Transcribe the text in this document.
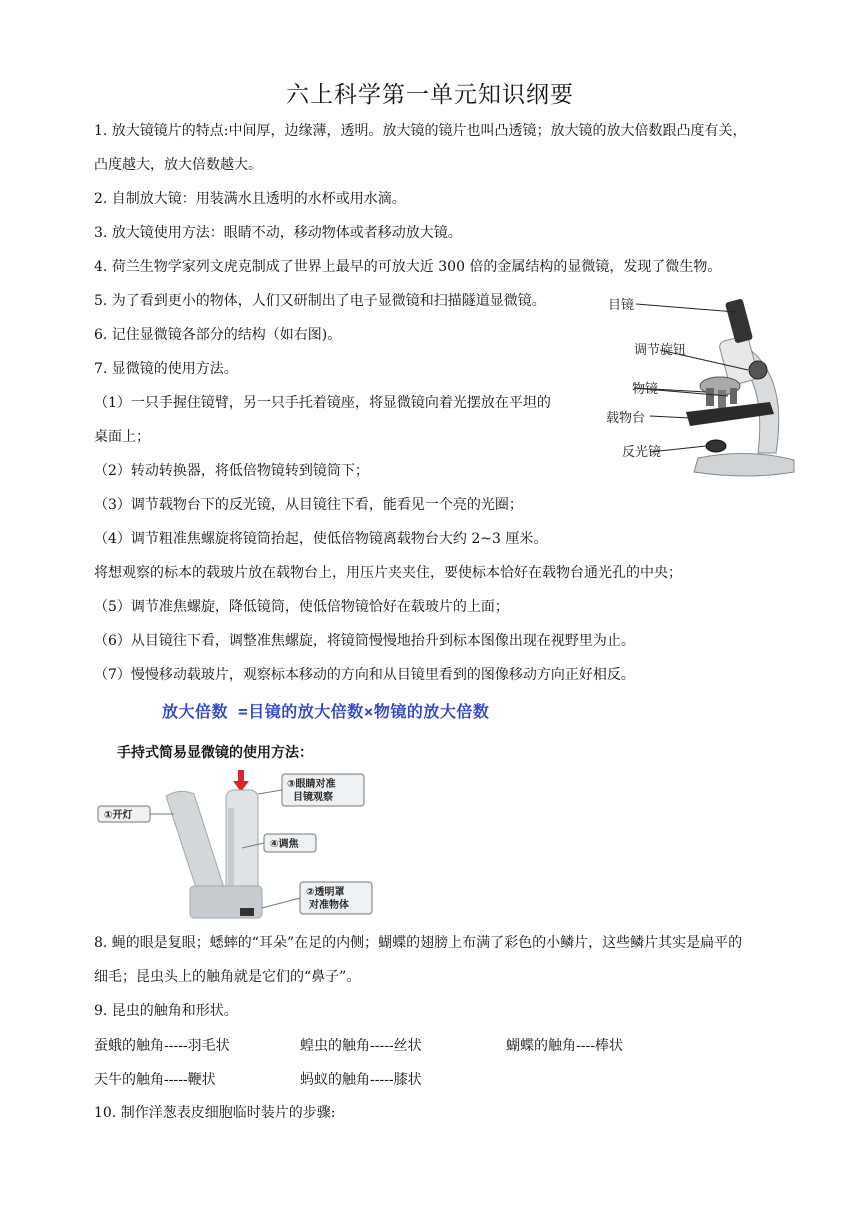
六上科学第一单元知识纲要
1. 放大镜镜片的特点:中间厚，边缘薄，透明。放大镜的镜片也叫凸透镜；放大镜的放大倍数跟凸度有关，
凸度越大，放大倍数越大。
2. 自制放大镜：用装满水且透明的水杯或用水滴。
3. 放大镜使用方法：眼睛不动，移动物体或者移动放大镜。
4. 荷兰生物学家列文虎克制成了世界上最早的可放大近 300 倍的金属结构的显微镜，发现了微生物。
5. 为了看到更小的物体，人们又研制出了电子显微镜和扫描隧道显微镜。
6. 记住显微镜各部分的结构（如右图)。
7. 显微镜的使用方法。
（1）一只手握住镜臂，另一只手托着镜座，将显微镜向着光摆放在平坦的
桌面上；
（2）转动转换器，将低倍物镜转到镜筒下；
（3）调节载物台下的反光镜，从目镜往下看，能看见一个亮的光圈；
（4）调节粗准焦螺旋将镜筒抬起，使低倍物镜离载物台大约 2~3 厘米。
将想观察的标本的载玻片放在载物台上，用压片夹夹住，要使标本恰好在载物台通光孔的中央；
（5）调节准焦螺旋，降低镜筒，使低倍物镜恰好在载玻片的上面；
（6）从目镜往下看，调整准焦螺旋，将镜筒慢慢地抬升到标本图像出现在视野里为止。
（7）慢慢移动载玻片，观察标本移动的方向和从目镜里看到的图像移动方向正好相反。
放大倍数 =目镜的放大倍数×物镜的放大倍数
手持式简易显微镜的使用方法：
目镜
调节旋钮
物镜
载物台
反光镜
①开灯
③眼睛对准
目镜观察
④调焦
②透明罩
对准物体
8. 蝇的眼是复眼；蟋蟀的“耳朵”在足的内侧；蝴蝶的翅膀上布满了彩色的小鳞片，这些鳞片其实是扁平的
细毛；昆虫头上的触角就是它们的“鼻子”。
9. 昆虫的触角和形状。
蚕蛾的触角-----羽毛状	蝗虫的触角-----丝状	蝴蝶的触角----棒状
天牛的触角-----鞭状	蚂蚁的触角-----膝状
10. 制作洋葱表皮细胞临时装片的步骤:
